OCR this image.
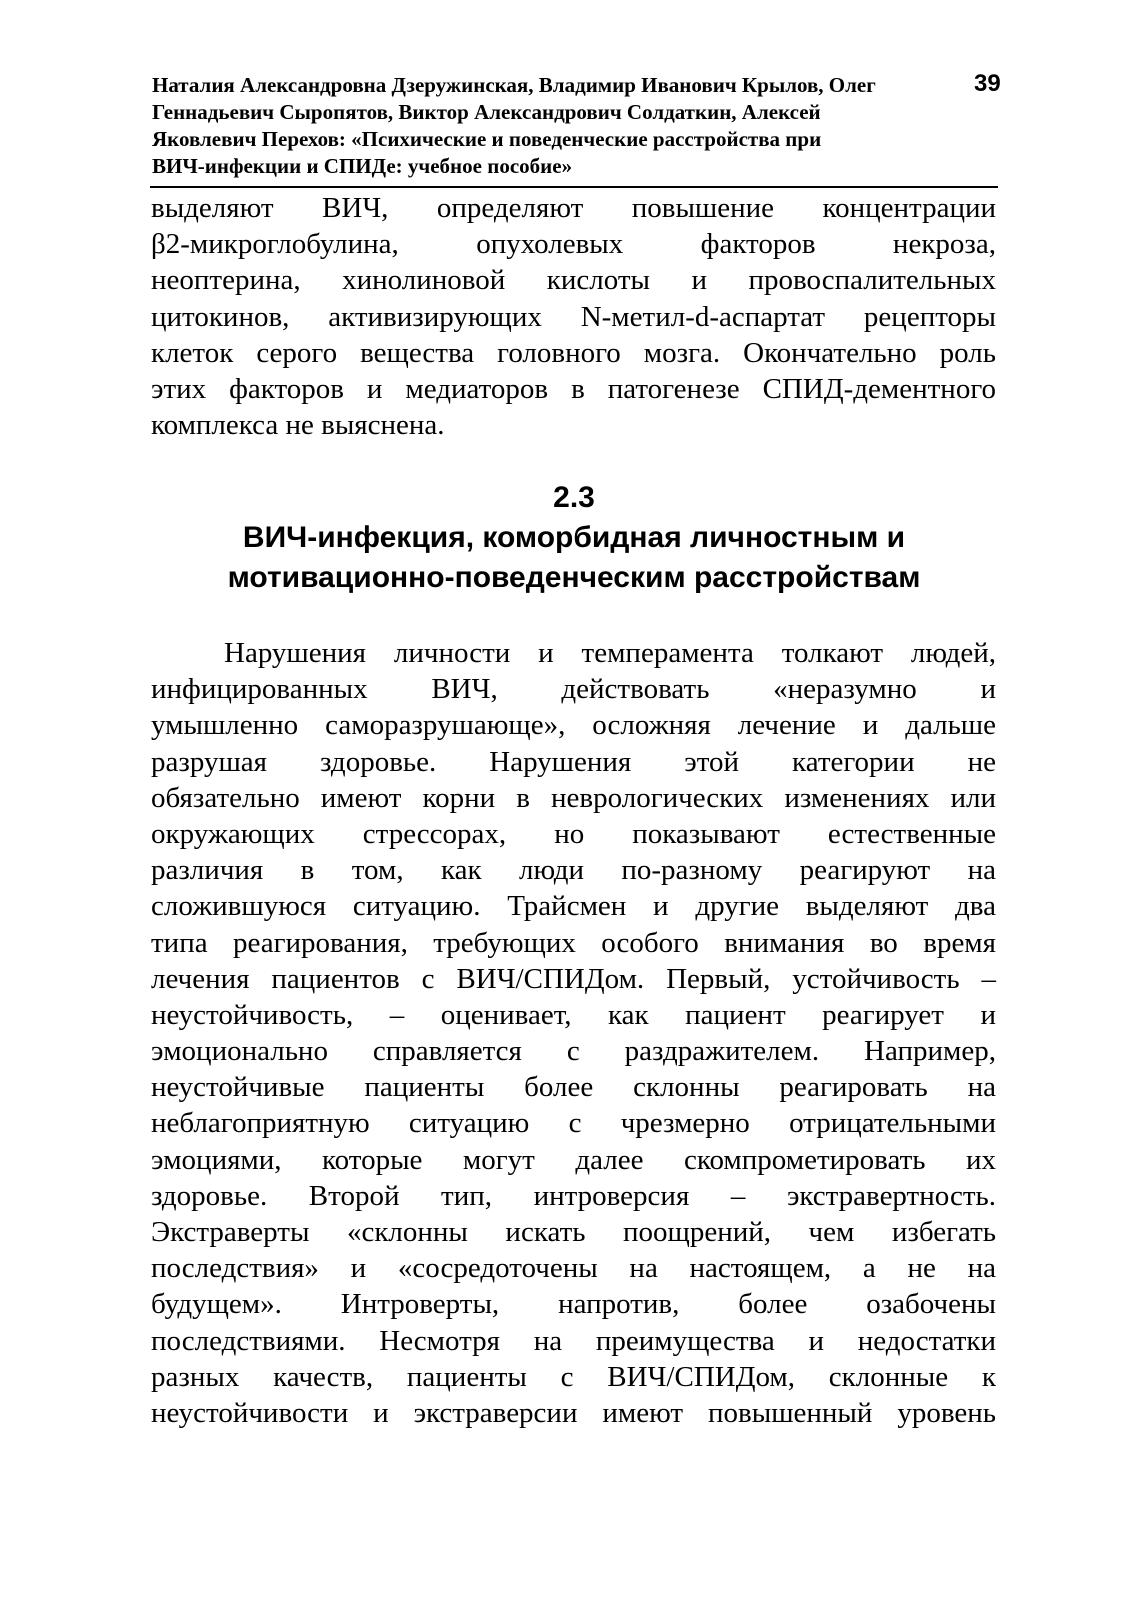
Наталия Александровна Дзеружинская, Владимир Иванович Крылов, Олег
Геннадьевич Сыропятов, Виктор Александрович Солдаткин, Алексей
Яковлевич Перехов: «Психические и поведенческие расстройства при
ВИЧ-инфекции и СПИДе: учебное пособие»
39
выделяют ВИЧ, определяют повышение концентрации
β2-микроглобулина, опухолевых факторов некроза,
неоптерина, хинолиновой кислоты и провоспалительных
цитокинов, активизирующих N-метил-d-аспартат рецепторы
клеток серого вещества головного мозга. Окончательно роль
этих факторов и медиаторов в патогенезе СПИД-дементного
комплекса не выяснена.
2.3
ВИЧ-инфекция, коморбидная личностным и
мотивационно-поведенческим расстройствам
Нарушения личности и темперамента толкают людей,
инфицированных ВИЧ, действовать «неразумно и
умышленно саморазрушающе», осложняя лечение и дальше
разрушая здоровье. Нарушения этой категории не
обязательно имеют корни в неврологических изменениях или
окружающих стрессорах, но показывают естественные
различия в том, как люди по-разному реагируют на
сложившуюся ситуацию. Трайсмен и другие выделяют два
типа реагирования, требующих особого внимания во время
лечения пациентов с ВИЧ/СПИДом. Первый, устойчивость –
неустойчивость, – оценивает, как пациент реагирует и
эмоционально справляется с раздражителем. Например,
неустойчивые пациенты более склонны реагировать на
неблагоприятную ситуацию с чрезмерно отрицательными
эмоциями, которые могут далее скомпрометировать их
здоровье. Второй тип, интроверсия – экстравертность.
Экстраверты «склонны искать поощрений, чем избегать
последствия» и «сосредоточены на настоящем, а не на
будущем». Интроверты, напротив, более озабочены
последствиями. Несмотря на преимущества и недостатки
разных качеств, пациенты с ВИЧ/СПИДом, склонные к
неустойчивости и экстраверсии имеют повышенный уровень
